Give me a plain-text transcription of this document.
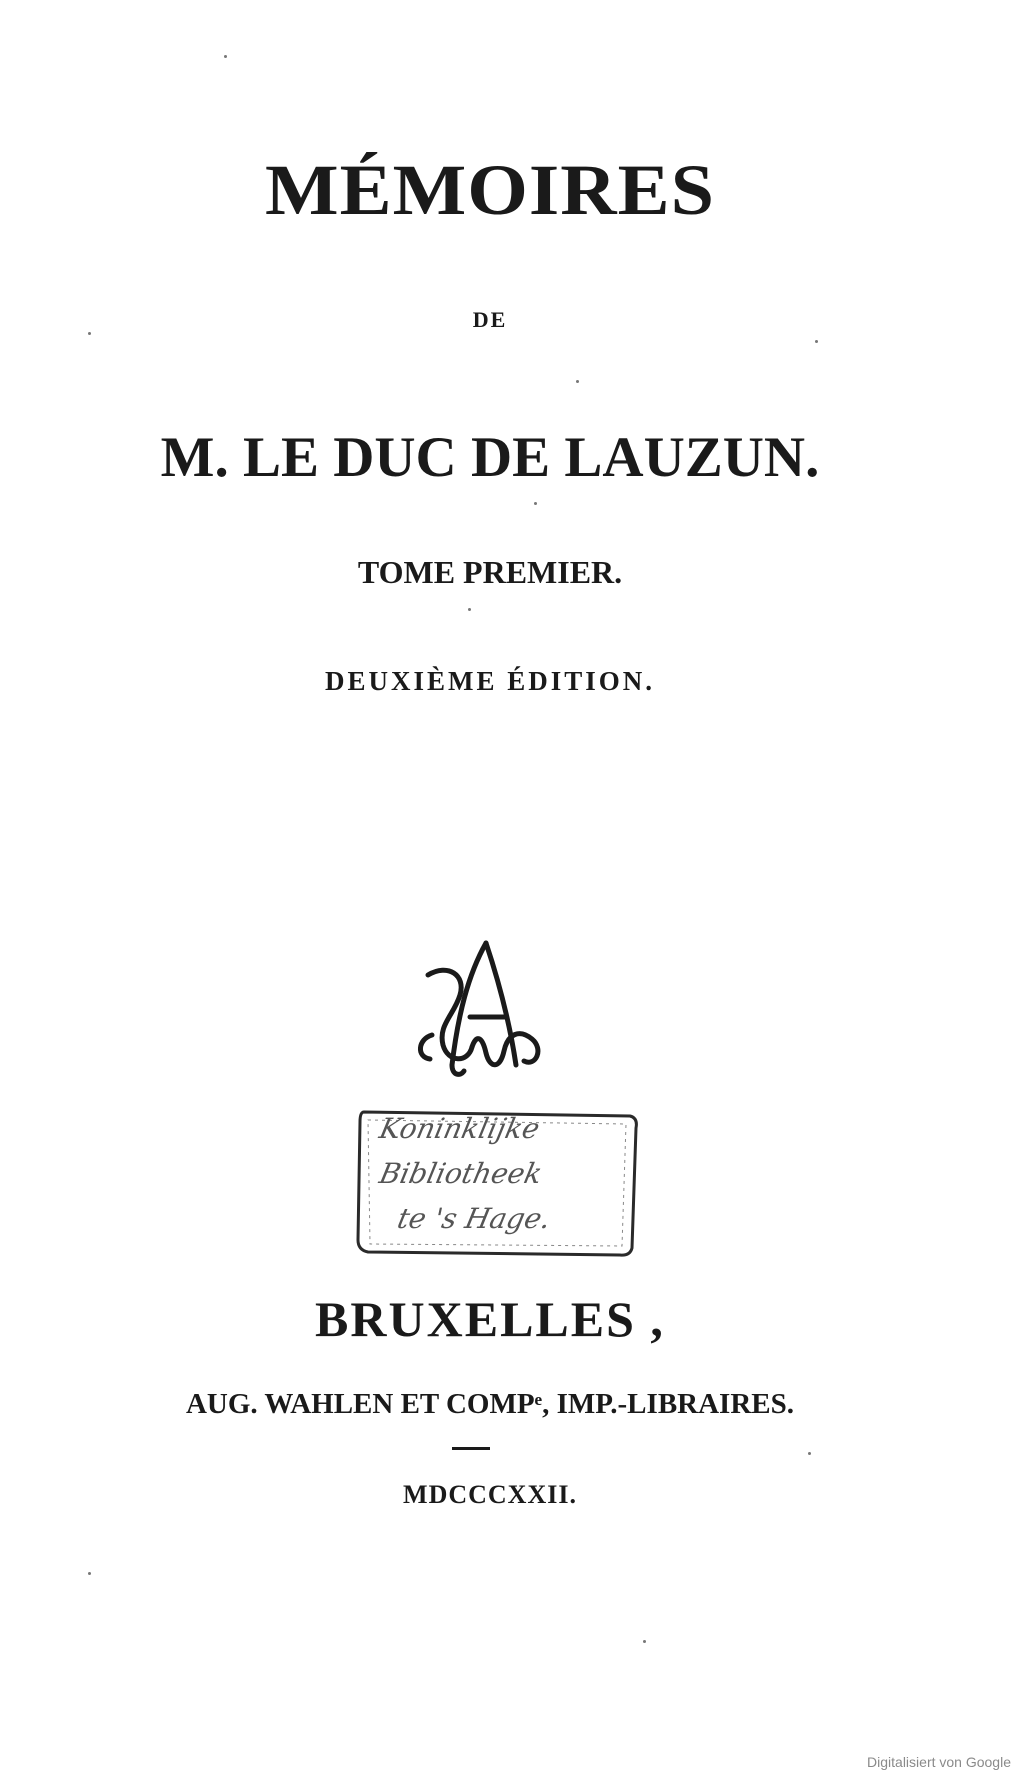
MÉMOIRES
DE
M. LE DUC DE LAUZUN.
TOME PREMIER.
DEUXIÈME ÉDITION.
Koninklijke
Bibliotheek
te 's Hage.
BRUXELLES ,
AUG. WAHLEN ET COMPᵉ, IMP.-LIBRAIRES.
MDCCCXXII.
Digitalisiert von Google
